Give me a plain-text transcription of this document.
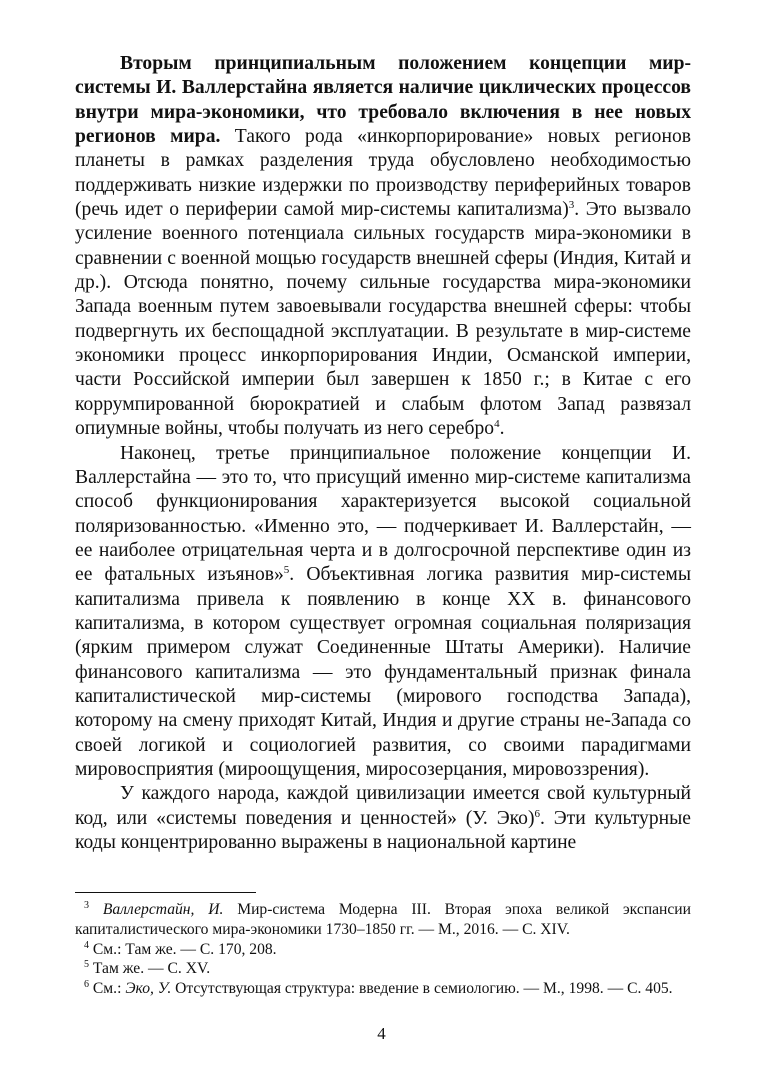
Вторым принципиальным положением концепции мир-системы И. Валлерстайна является наличие циклических процессов внутри мира-экономики, что требовало включения в нее новых регионов мира. Такого рода «инкорпорирование» новых регионов планеты в рамках разделения труда обусловлено необходимостью поддерживать низкие издержки по производству периферийных товаров (речь идет о периферии самой мир-системы капитализма)$^3$. Это вызвало усиление военного потенциала сильных государств мира-экономики в сравнении с военной мощью государств внешней сферы (Индия, Китай и др.). Отсюда понятно, почему сильные государства мира-экономики Запада военным путем завоевывали государства внешней сферы: чтобы подвергнуть их беспощадной эксплуатации. В результате в мир-системе экономики процесс инкорпорирования Индии, Османской империи, части Российской империи был завершен к 1850 г.; в Китае с его коррумпированной бюрократией и слабым флотом Запад развязал опиумные войны, чтобы получать из него серебро$^4$.

Наконец, третье принципиальное положение концепции И. Валлерстайна — это то, что присущий именно мир-системе капитализма способ функционирования характеризуется высокой социальной поляризованностью. «Именно это, — подчеркивает И. Валлерстайн, — ее наиболее отрицательная черта и в долгосрочной перспективе один из ее фатальных изъянов»$^5$. Объективная логика развития мир-системы капитализма привела к появлению в конце XX в. финансового капитализма, в котором существует огромная социальная поляризация (ярким примером служат Соединенные Штаты Америки). Наличие финансового капитализма — это фундаментальный признак финала капиталистической мир-системы (мирового господства Запада), которому на смену приходят Китай, Индия и другие страны не-Запада со своей логикой и социологией развития, со своими парадигмами мировосприятия (мироощущения, миросозерцания, мировоззрения).

У каждого народа, каждой цивилизации имеется свой культурный код, или «системы поведения и ценностей» (У. Эко)$^6$. Эти культурные коды концентрированно выражены в национальной картине

$^3$ Валлерстайн, И. Мир-система Модерна III. Вторая эпоха великой экспансии капиталистического мира-экономики 1730–1850 гг. — М., 2016. — С. XIV.

$^4$ См.: Там же. — С. 170, 208.

$^5$ Там же. — С. XV.

$^6$ См.: Эко, У. Отсутствующая структура: введение в семиологию. — М., 1998. — С. 405.

4
